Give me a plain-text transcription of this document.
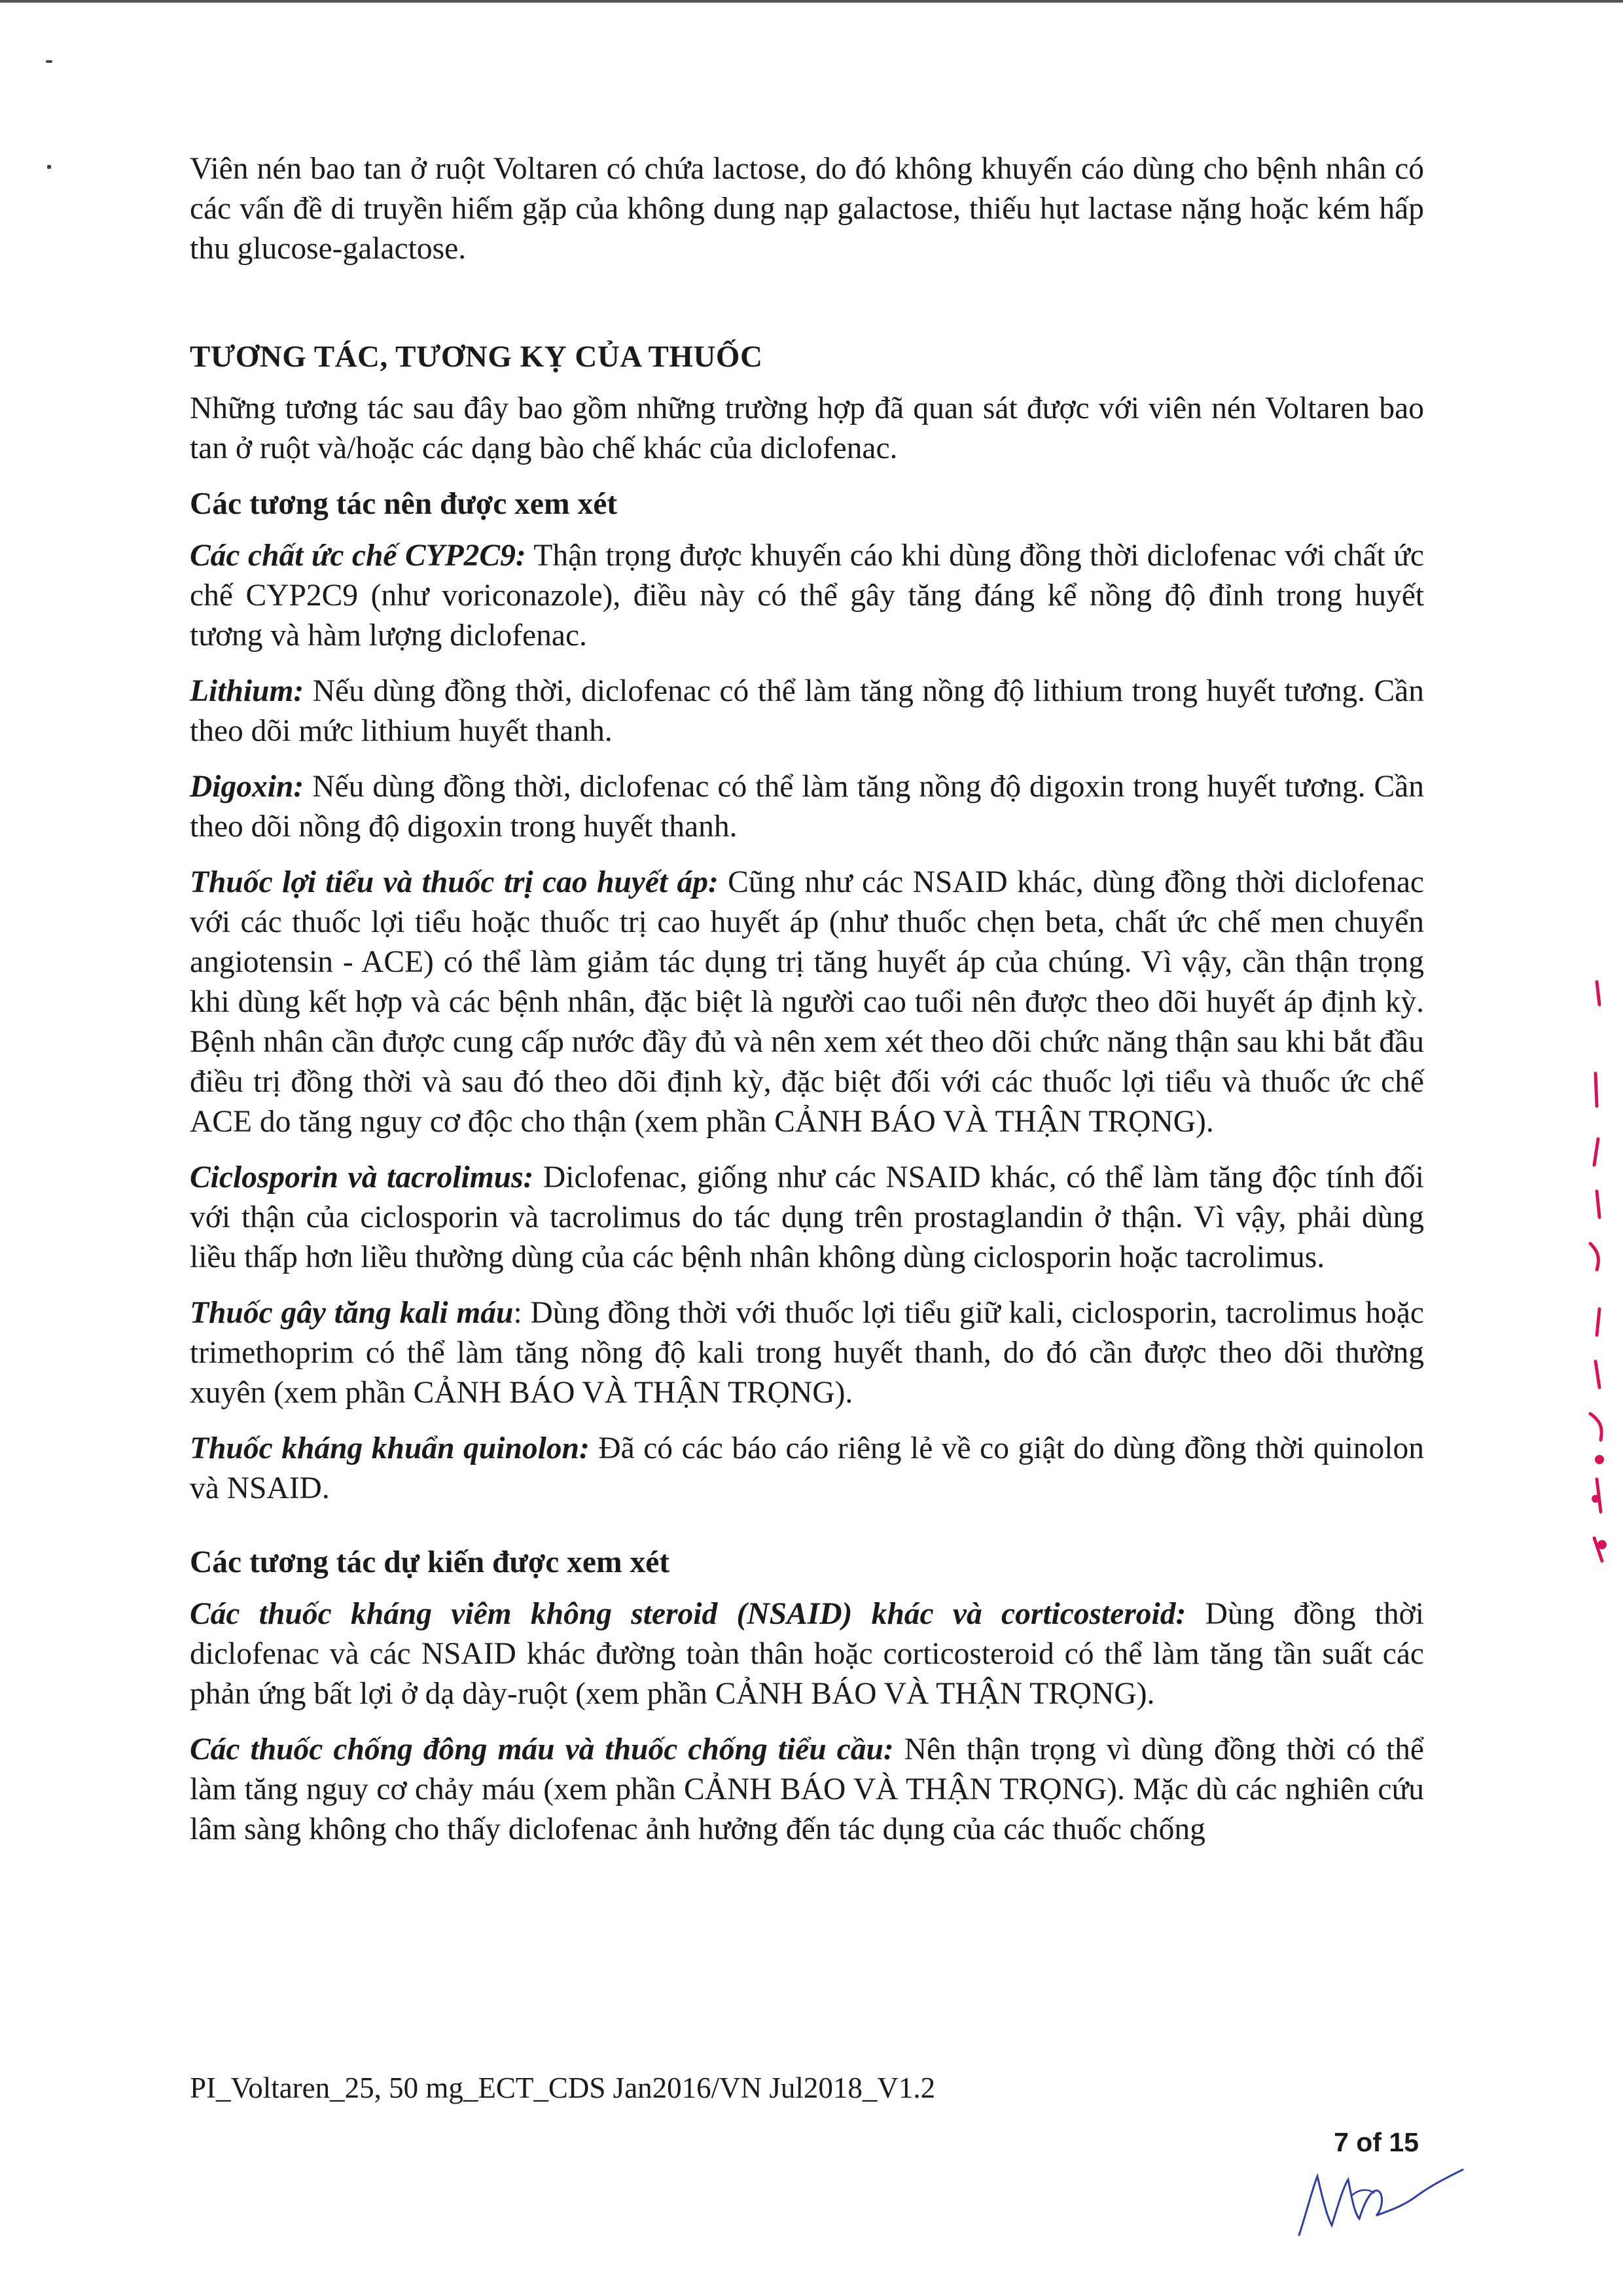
Viên nén bao tan ở ruột Voltaren có chứa lactose, do đó không khuyến cáo dùng cho bệnh nhân có các vấn đề di truyền hiếm gặp của không dung nạp galactose, thiếu hụt lactase nặng hoặc kém hấp thu glucose-galactose.

TƯƠNG TÁC, TƯƠNG KỴ CỦA THUỐC

Những tương tác sau đây bao gồm những trường hợp đã quan sát được với viên nén Voltaren bao tan ở ruột và/hoặc các dạng bào chế khác của diclofenac.

Các tương tác nên được xem xét

Các chất ức chế CYP2C9: Thận trọng được khuyến cáo khi dùng đồng thời diclofenac với chất ức chế CYP2C9 (như voriconazole), điều này có thể gây tăng đáng kể nồng độ đỉnh trong huyết tương và hàm lượng diclofenac.

Lithium: Nếu dùng đồng thời, diclofenac có thể làm tăng nồng độ lithium trong huyết tương. Cần theo dõi mức lithium huyết thanh.

Digoxin: Nếu dùng đồng thời, diclofenac có thể làm tăng nồng độ digoxin trong huyết tương. Cần theo dõi nồng độ digoxin trong huyết thanh.

Thuốc lợi tiểu và thuốc trị cao huyết áp: Cũng như các NSAID khác, dùng đồng thời diclofenac với các thuốc lợi tiểu hoặc thuốc trị cao huyết áp (như thuốc chẹn beta, chất ức chế men chuyển angiotensin - ACE) có thể làm giảm tác dụng trị tăng huyết áp của chúng. Vì vậy, cần thận trọng khi dùng kết hợp và các bệnh nhân, đặc biệt là người cao tuổi nên được theo dõi huyết áp định kỳ. Bệnh nhân cần được cung cấp nước đầy đủ và nên xem xét theo dõi chức năng thận sau khi bắt đầu điều trị đồng thời và sau đó theo dõi định kỳ, đặc biệt đối với các thuốc lợi tiểu và thuốc ức chế ACE do tăng nguy cơ độc cho thận (xem phần CẢNH BÁO VÀ THẬN TRỌNG).

Ciclosporin và tacrolimus: Diclofenac, giống như các NSAID khác, có thể làm tăng độc tính đối với thận của ciclosporin và tacrolimus do tác dụng trên prostaglandin ở thận. Vì vậy, phải dùng liều thấp hơn liều thường dùng của các bệnh nhân không dùng ciclosporin hoặc tacrolimus.

Thuốc gây tăng kali máu: Dùng đồng thời với thuốc lợi tiểu giữ kali, ciclosporin, tacrolimus hoặc trimethoprim có thể làm tăng nồng độ kali trong huyết thanh, do đó cần được theo dõi thường xuyên (xem phần CẢNH BÁO VÀ THẬN TRỌNG).

Thuốc kháng khuẩn quinolon: Đã có các báo cáo riêng lẻ về co giật do dùng đồng thời quinolon và NSAID.

Các tương tác dự kiến được xem xét

Các thuốc kháng viêm không steroid (NSAID) khác và corticosteroid: Dùng đồng thời diclofenac và các NSAID khác đường toàn thân hoặc corticosteroid có thể làm tăng tần suất các phản ứng bất lợi ở dạ dày-ruột (xem phần CẢNH BÁO VÀ THẬN TRỌNG).

Các thuốc chống đông máu và thuốc chống tiểu cầu: Nên thận trọng vì dùng đồng thời có thể làm tăng nguy cơ chảy máu (xem phần CẢNH BÁO VÀ THẬN TRỌNG). Mặc dù các nghiên cứu lâm sàng không cho thấy diclofenac ảnh hưởng đến tác dụng của các thuốc chống

PI_Voltaren_25, 50 mg_ECT_CDS Jan2016/VN Jul2018_V1.2
7 of 15
